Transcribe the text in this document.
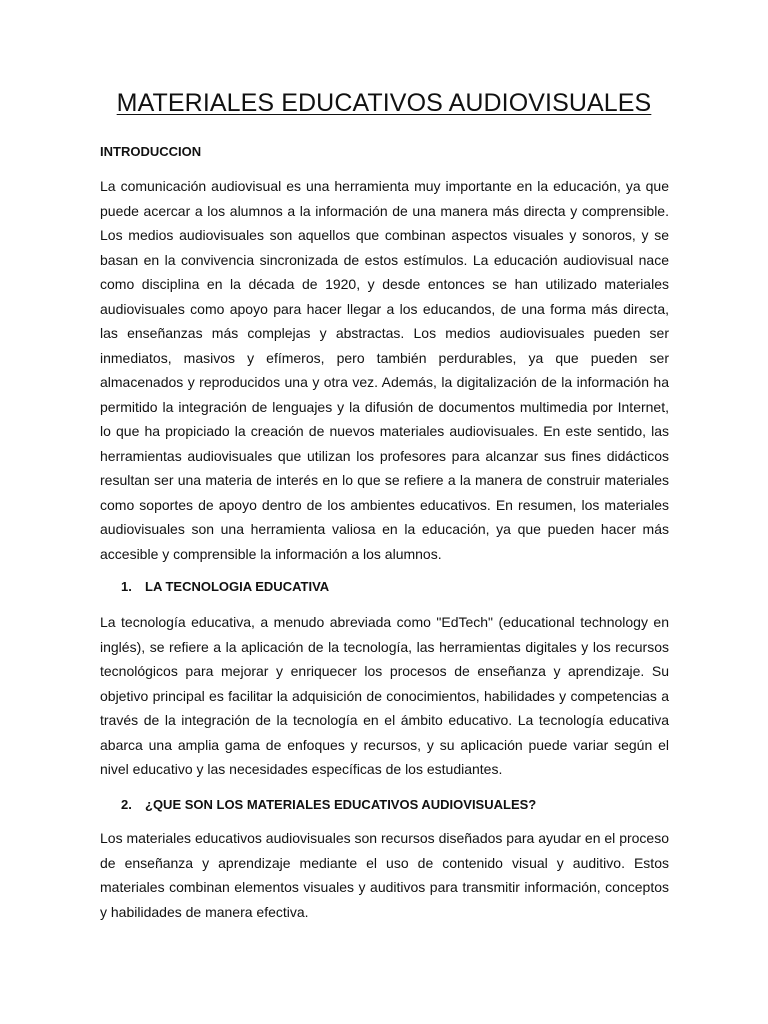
MATERIALES EDUCATIVOS AUDIOVISUALES
INTRODUCCION

La comunicación audiovisual es una herramienta muy importante en la educación, ya que puede acercar a los alumnos a la información de una manera más directa y comprensible. Los medios audiovisuales son aquellos que combinan aspectos visuales y sonoros, y se basan en la convivencia sincronizada de estos estímulos. La educación audiovisual nace como disciplina en la década de 1920, y desde entonces se han utilizado materiales audiovisuales como apoyo para hacer llegar a los educandos, de una forma más directa, las enseñanzas más complejas y abstractas. Los medios audiovisuales pueden ser inmediatos, masivos y efímeros, pero también perdurables, ya que pueden ser almacenados y reproducidos una y otra vez. Además, la digitalización de la información ha permitido la integración de lenguajes y la difusión de documentos multimedia por Internet, lo que ha propiciado la creación de nuevos materiales audiovisuales. En este sentido, las herramientas audiovisuales que utilizan los profesores para alcanzar sus fines didácticos resultan ser una materia de interés en lo que se refiere a la manera de construir materiales como soportes de apoyo dentro de los ambientes educativos. En resumen, los materiales audiovisuales son una herramienta valiosa en la educación, ya que pueden hacer más accesible y comprensible la información a los alumnos.

1. LA TECNOLOGIA EDUCATIVA

La tecnología educativa, a menudo abreviada como "EdTech" (educational technology en inglés), se refiere a la aplicación de la tecnología, las herramientas digitales y los recursos tecnológicos para mejorar y enriquecer los procesos de enseñanza y aprendizaje. Su objetivo principal es facilitar la adquisición de conocimientos, habilidades y competencias a través de la integración de la tecnología en el ámbito educativo. La tecnología educativa abarca una amplia gama de enfoques y recursos, y su aplicación puede variar según el nivel educativo y las necesidades específicas de los estudiantes.

2. ¿QUE SON LOS MATERIALES EDUCATIVOS AUDIOVISUALES?

Los materiales educativos audiovisuales son recursos diseñados para ayudar en el proceso de enseñanza y aprendizaje mediante el uso de contenido visual y auditivo. Estos materiales combinan elementos visuales y auditivos para transmitir información, conceptos y habilidades de manera efectiva.
